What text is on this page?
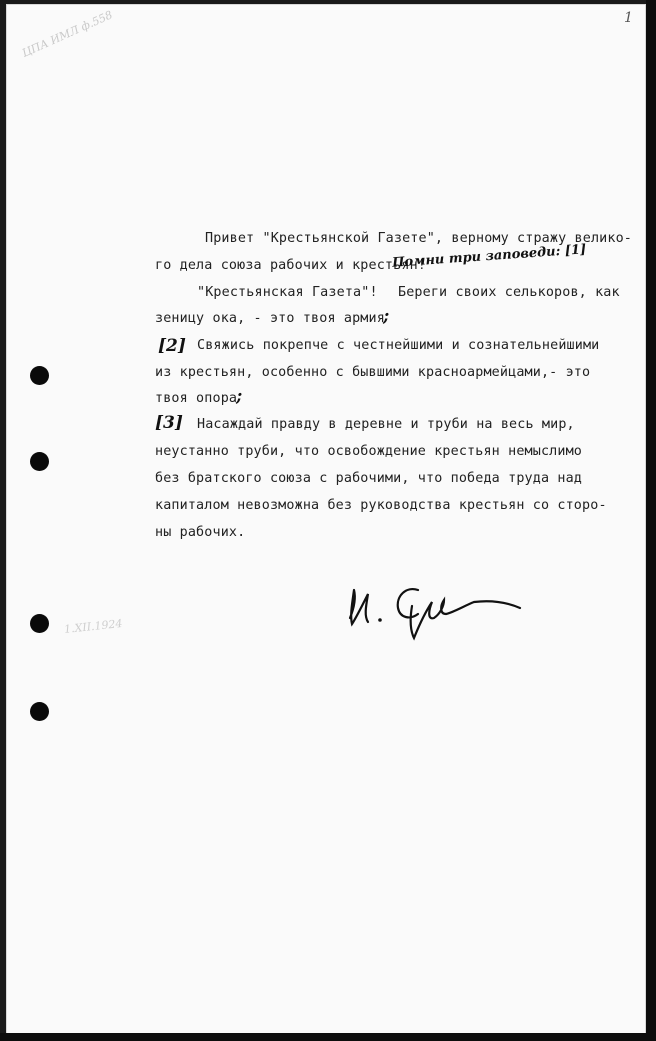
1
ЦПА ИМЛ ф.558
1.XII.1924
Привет "Крестьянской Газете", верному стражу велико-
го дела союза рабочих и крестьян!
Помни три заповеди: [1]
"Крестьянская Газета"! Береги своих селькоров, как
зеницу ока, - это твоя армия
;
[2] Свяжись покрепче с честнейшими и сознательнейшими
из крестьян, особенно с бывшими красноармейцами,- это
твоя опора
;
[3] Насаждай правду в деревне и труби на весь мир,
неустанно труби, что освобождение крестьян немыслимо
без братского союза с рабочими, что победа труда над
капиталом невозможна без руководства крестьян со сторо-
ны рабочих.
